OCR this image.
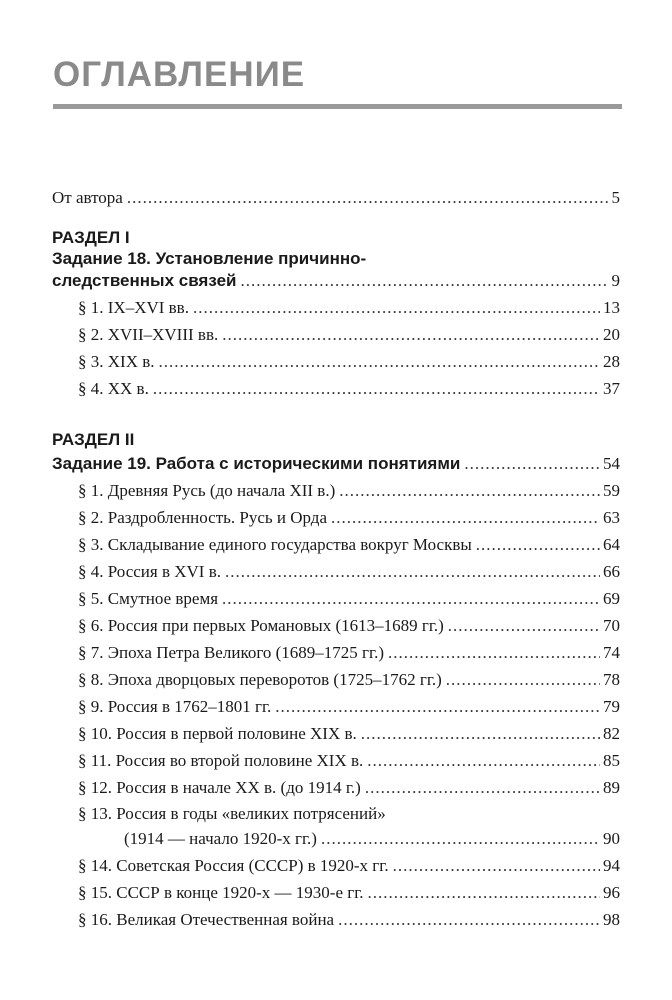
ОГЛАВЛЕНИЕ
От автора .....	5
РАЗДЕЛ I
Задание 18. Установление причинно-
следственных связей .....	9
§ 1. IX–XVI вв. .....	13
§ 2. XVII–XVIII вв. .....	20
§ 3. XIX в. .....	28
§ 4. XX в. .....	37
РАЗДЕЛ II
Задание 19. Работа с историческими понятиями .....	54
§ 1. Древняя Русь (до начала XII в.) .....	59
§ 2. Раздробленность. Русь и Орда .....	63
§ 3. Складывание единого государства вокруг Москвы .....	64
§ 4. Россия в XVI в. .....	66
§ 5. Смутное время .....	69
§ 6. Россия при первых Романовых (1613–1689 гг.) .....	70
§ 7. Эпоха Петра Великого (1689–1725 гг.) .....	74
§ 8. Эпоха дворцовых переворотов (1725–1762 гг.) .....	78
§ 9. Россия в 1762–1801 гг. .....	79
§ 10. Россия в первой половине XIX в. .....	82
§ 11. Россия во второй половине XIX в. .....	85
§ 12. Россия в начале XX в. (до 1914 г.) .....	89
§ 13. Россия в годы «великих потрясений»
(1914 — начало 1920-х гг.) .....	90
§ 14. Советская Россия (СССР) в 1920-х гг. .....	94
§ 15. СССР в конце 1920-х — 1930-е гг. .....	96
§ 16. Великая Отечественная война .....	98
